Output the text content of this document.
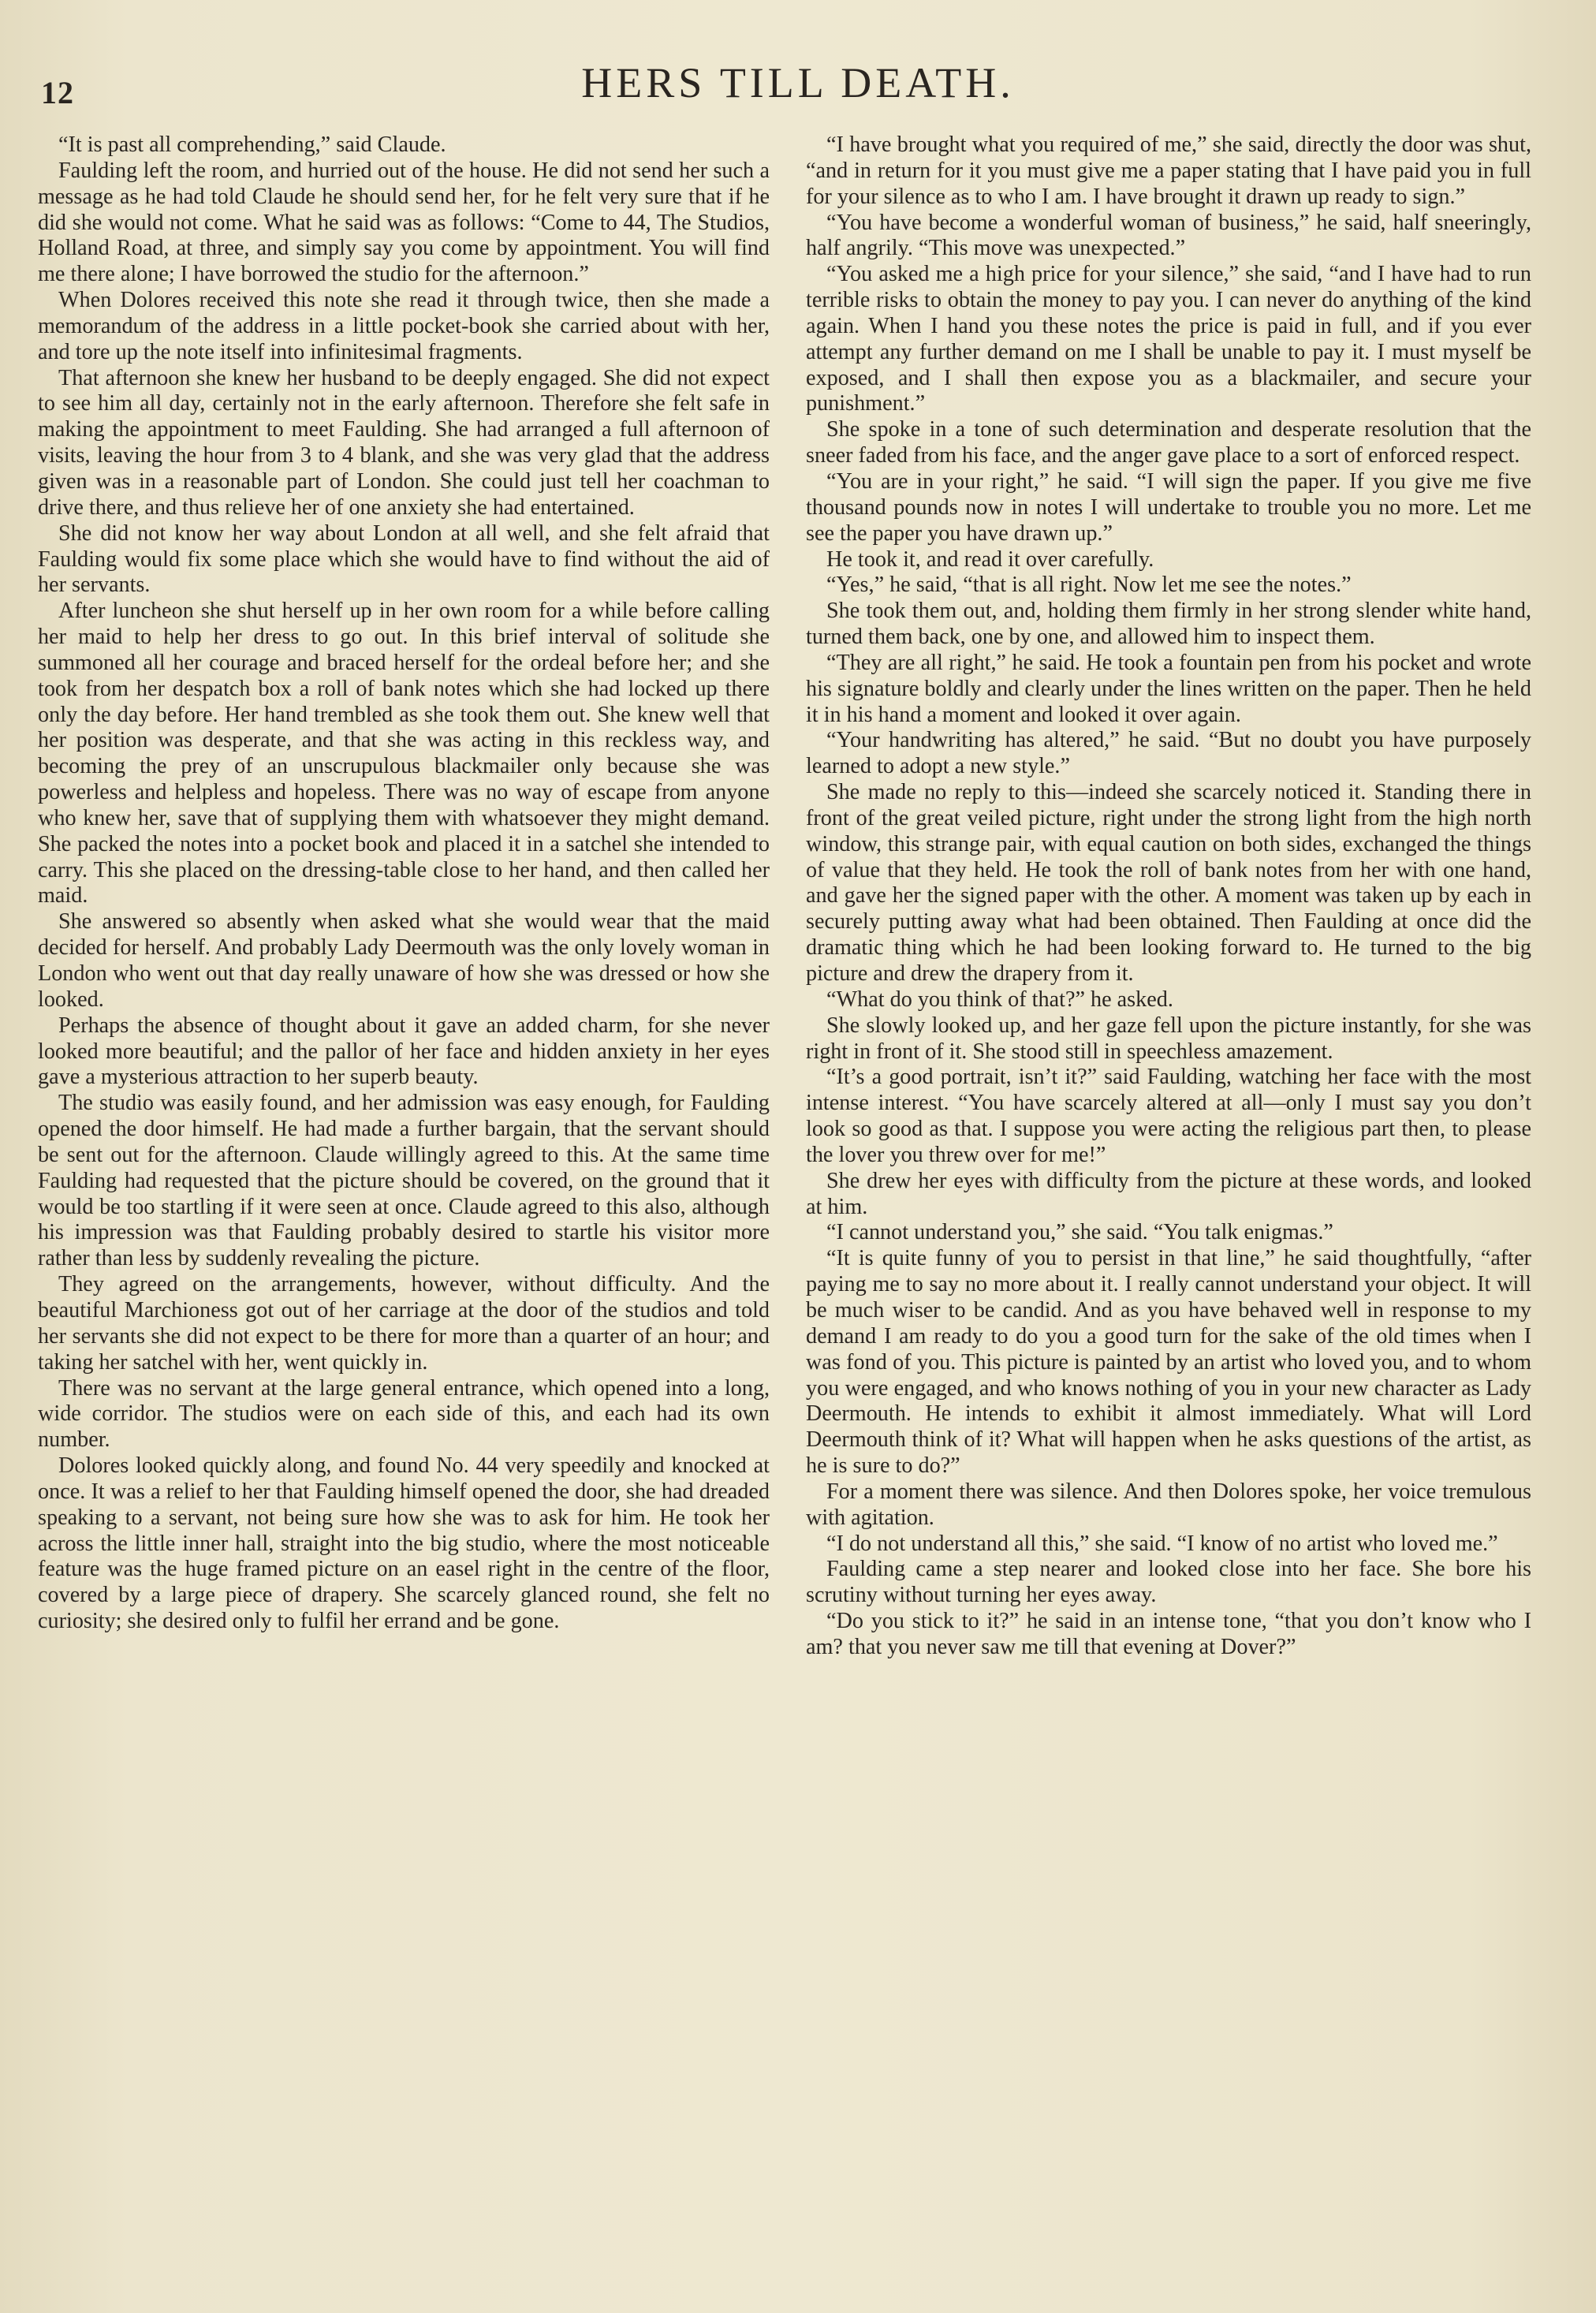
12	HERS TILL DEATH.

“It is past all comprehending,” said Claude.

Faulding left the room, and hurried out of the house. He did not send her such a message as he had told Claude he should send her, for he felt very sure that if he did she would not come. What he said was as follows: “Come to 44, The Studios, Holland Road, at three, and simply say you come by appointment. You will find me there alone; I have borrowed the studio for the afternoon.”

When Dolores received this note she read it through twice, then she made a memorandum of the address in a little pocket-book she carried about with her, and tore up the note itself into infinitesimal fragments.

That afternoon she knew her husband to be deeply engaged. She did not expect to see him all day, certainly not in the early afternoon. Therefore she felt safe in making the appointment to meet Faulding. She had arranged a full afternoon of visits, leaving the hour from 3 to 4 blank, and she was very glad that the address given was in a reasonable part of London. She could just tell her coachman to drive there, and thus relieve her of one anxiety she had entertained.

She did not know her way about London at all well, and she felt afraid that Faulding would fix some place which she would have to find without the aid of her servants.

After luncheon she shut herself up in her own room for a while before calling her maid to help her dress to go out. In this brief interval of solitude she summoned all her courage and braced herself for the ordeal before her; and she took from her despatch box a roll of bank notes which she had locked up there only the day before. Her hand trembled as she took them out. She knew well that her position was desperate, and that she was acting in this reckless way, and becoming the prey of an unscrupulous blackmailer only because she was powerless and helpless and hopeless. There was no way of escape from anyone who knew her, save that of supplying them with whatsoever they might demand. She packed the notes into a pocket book and placed it in a satchel she intended to carry. This she placed on the dressing-table close to her hand, and then called her maid.

She answered so absently when asked what she would wear that the maid decided for herself. And probably Lady Deermouth was the only lovely woman in London who went out that day really unaware of how she was dressed or how she looked.

Perhaps the absence of thought about it gave an added charm, for she never looked more beautiful; and the pallor of her face and hidden anxiety in her eyes gave a mysterious attraction to her superb beauty.

The studio was easily found, and her admission was easy enough, for Faulding opened the door himself. He had made a further bargain, that the servant should be sent out for the afternoon. Claude willingly agreed to this. At the same time Faulding had requested that the picture should be covered, on the ground that it would be too startling if it were seen at once. Claude agreed to this also, although his impression was that Faulding probably desired to startle his visitor more rather than less by suddenly revealing the picture.

They agreed on the arrangements, however, without difficulty. And the beautiful Marchioness got out of her carriage at the door of the studios and told her servants she did not expect to be there for more than a quarter of an hour; and taking her satchel with her, went quickly in.

There was no servant at the large general entrance, which opened into a long, wide corridor. The studios were on each side of this, and each had its own number.

Dolores looked quickly along, and found No. 44 very speedily and knocked at once. It was a relief to her that Faulding himself opened the door, she had dreaded speaking to a servant, not being sure how she was to ask for him. He took her across the little inner hall, straight into the big studio, where the most noticeable feature was the huge framed picture on an easel right in the centre of the floor, covered by a large piece of drapery. She scarcely glanced round, she felt no curiosity; she desired only to fulfil her errand and be gone.

“I have brought what you required of me,” she said, directly the door was shut, “and in return for it you must give me a paper stating that I have paid you in full for your silence as to who I am. I have brought it drawn up ready to sign.”

“You have become a wonderful woman of business,” he said, half sneeringly, half angrily. “This move was unexpected.”

“You asked me a high price for your silence,” she said, “and I have had to run terrible risks to obtain the money to pay you. I can never do anything of the kind again. When I hand you these notes the price is paid in full, and if you ever attempt any further demand on me I shall be unable to pay it. I must myself be exposed, and I shall then expose you as a blackmailer, and secure your punishment.”

She spoke in a tone of such determination and desperate resolution that the sneer faded from his face, and the anger gave place to a sort of enforced respect.

“You are in your right,” he said. “I will sign the paper. If you give me five thousand pounds now in notes I will undertake to trouble you no more. Let me see the paper you have drawn up.”

He took it, and read it over carefully.

“Yes,” he said, “that is all right. Now let me see the notes.”

She took them out, and, holding them firmly in her strong slender white hand, turned them back, one by one, and allowed him to inspect them.

“They are all right,” he said. He took a fountain pen from his pocket and wrote his signature boldly and clearly under the lines written on the paper. Then he held it in his hand a moment and looked it over again.

“Your handwriting has altered,” he said. “But no doubt you have purposely learned to adopt a new style.”

She made no reply to this—indeed she scarcely noticed it. Standing there in front of the great veiled picture, right under the strong light from the high north window, this strange pair, with equal caution on both sides, exchanged the things of value that they held. He took the roll of bank notes from her with one hand, and gave her the signed paper with the other. A moment was taken up by each in securely putting away what had been obtained. Then Faulding at once did the dramatic thing which he had been looking forward to. He turned to the big picture and drew the drapery from it.

“What do you think of that?” he asked.

She slowly looked up, and her gaze fell upon the picture instantly, for she was right in front of it. She stood still in speechless amazement.

“It’s a good portrait, isn’t it?” said Faulding, watching her face with the most intense interest. “You have scarcely altered at all—only I must say you don’t look so good as that. I suppose you were acting the religious part then, to please the lover you threw over for me!”

She drew her eyes with difficulty from the picture at these words, and looked at him.

“I cannot understand you,” she said. “You talk enigmas.”

“It is quite funny of you to persist in that line,” he said thoughtfully, “after paying me to say no more about it. I really cannot understand your object. It will be much wiser to be candid. And as you have behaved well in response to my demand I am ready to do you a good turn for the sake of the old times when I was fond of you. This picture is painted by an artist who loved you, and to whom you were engaged, and who knows nothing of you in your new character as Lady Deermouth. He intends to exhibit it almost immediately. What will Lord Deermouth think of it? What will happen when he asks questions of the artist, as he is sure to do?”

For a moment there was silence. And then Dolores spoke, her voice tremulous with agitation.

“I do not understand all this,” she said. “I know of no artist who loved me.”

Faulding came a step nearer and looked close into her face. She bore his scrutiny without turning her eyes away.

“Do you stick to it?” he said in an intense tone, “that you don’t know who I am? that you never saw me till that evening at Dover?”
